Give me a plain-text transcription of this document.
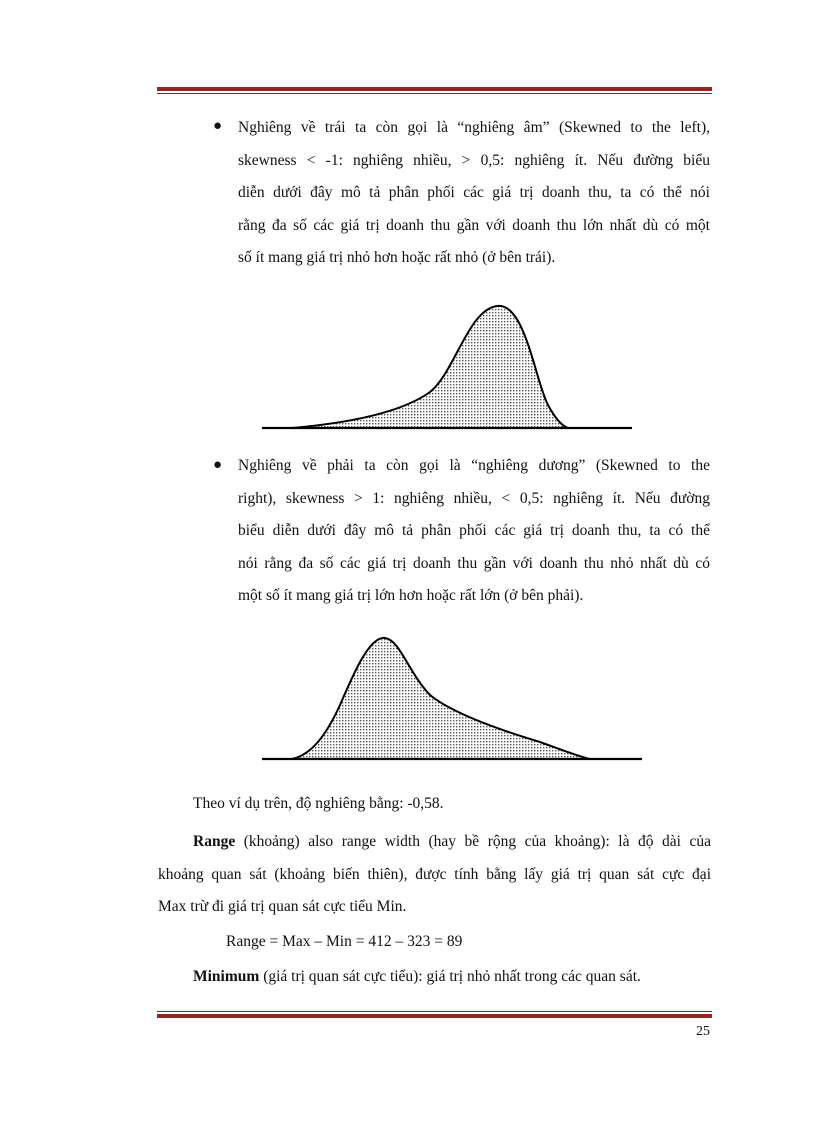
● Nghiêng về trái ta còn gọi là “nghiêng âm” (Skewned to the left),
skewness < -1: nghiêng nhiều, > 0,5: nghiêng ít. Nếu đường biểu
diễn dưới đây mô tả phân phối các giá trị doanh thu, ta có thể nói
rằng đa số các giá trị doanh thu gần với doanh thu lớn nhất dù có một
số ít mang giá trị nhỏ hơn hoặc rất nhỏ (ở bên trái).
● Nghiêng về phải ta còn gọi là “nghiêng dương” (Skewned to the
right), skewness > 1: nghiêng nhiều, < 0,5: nghiêng ít. Nếu đường
biểu diễn dưới đây mô tả phân phối các giá trị doanh thu, ta có thể
nói rằng đa số các giá trị doanh thu gần với doanh thu nhỏ nhất dù có
một số ít mang giá trị lớn hơn hoặc rất lớn (ở bên phải).
Theo ví dụ trên, độ nghiêng bằng: -0,58.
Range (khoảng) also range width (hay bề rộng của khoảng): là độ dài của
khoảng quan sát (khoảng biến thiên), được tính bằng lấy giá trị quan sát cực đại
Max trừ đi giá trị quan sát cực tiểu Min.
Range = Max – Min = 412 – 323 = 89
Minimum (giá trị quan sát cực tiểu): giá trị nhỏ nhất trong các quan sát.
25
